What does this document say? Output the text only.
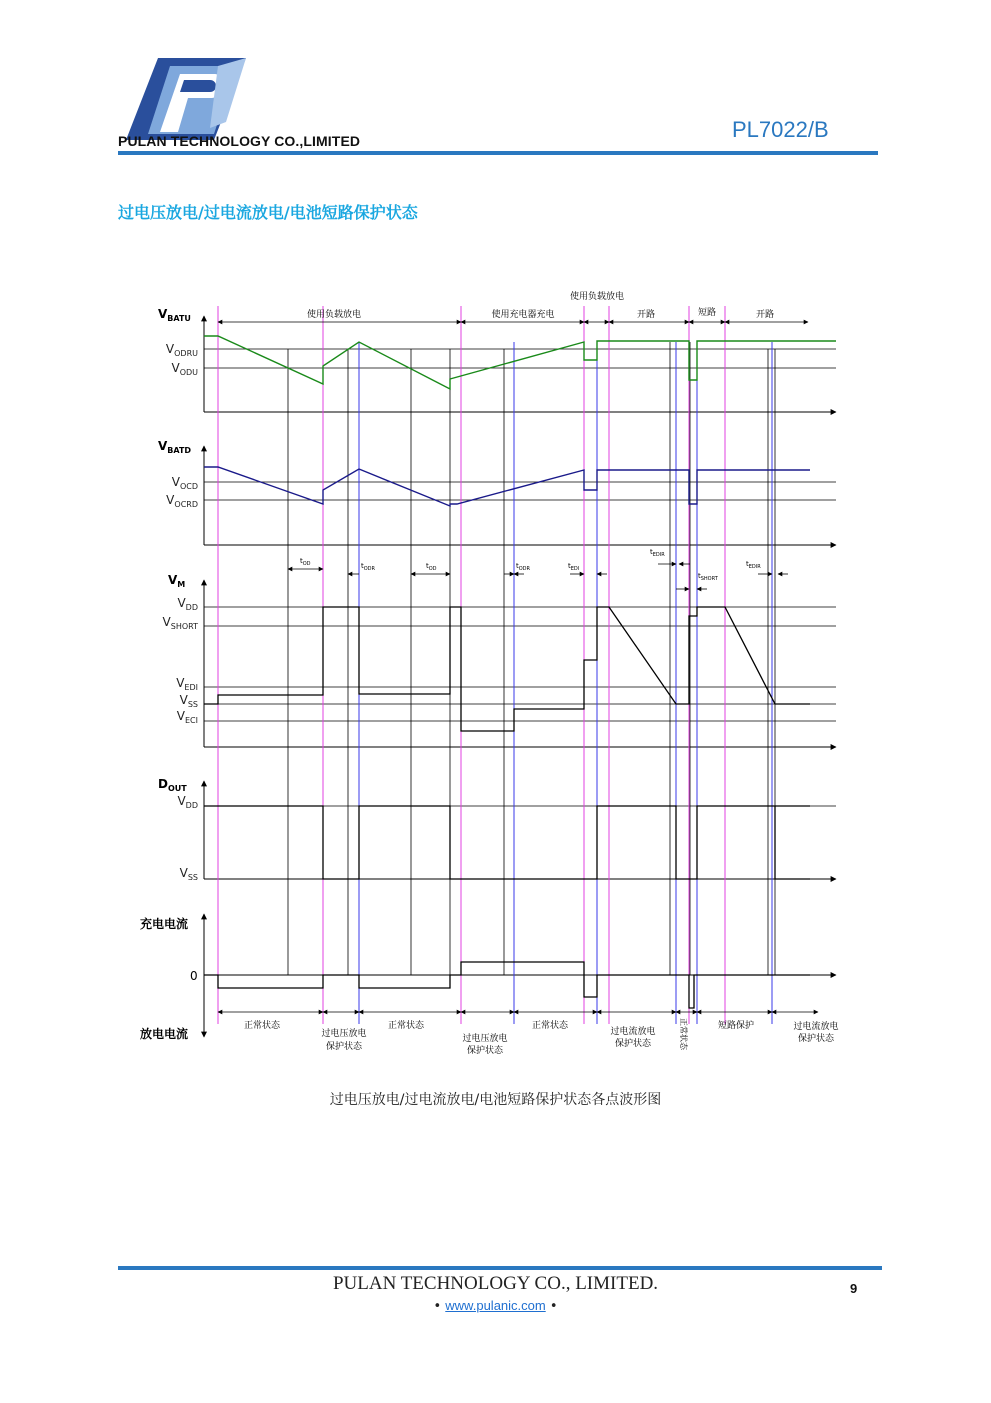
PULAN TECHNOLOGY CO.,LIMITED	PL7022/B
过电压放电/过电流放电/电池短路保护状态
$V_{BATU}$
$V_{BATD}$
$V_M$
$D_{OUT}$
充电电流
放电电流
0
$V_{ODRU}$
$V_{ODU}$
$V_{OCD}$
$V_{OCRD}$
$V_{DD}$
$V_{SHORT}$
$V_{EDI}$
$V_{SS}$
$V_{ECI}$
$V_{DD}$
$V_{SS}$
使用负载放电	使用充电器充电
使用负载放电
开路	短路	开路
$t_{OD}$	$t_{ODR}$	$t_{OD}$	$t_{ODR}$	$t_{EDI}$
$t_{EDIR}$
$t_{SHORT}$
$t_{EDIR}$
正常状态
过电压放电
保护状态
正常状态
过电压放电
保护状态
正常状态
过电流放电
保护状态
短路保护	过电流放电
保护状态
正常状态
过电压放电/过电流放电/电池短路保护状态各点波形图
PULAN TECHNOLOGY CO., LIMITED.
• www.pulanic.com •
9
